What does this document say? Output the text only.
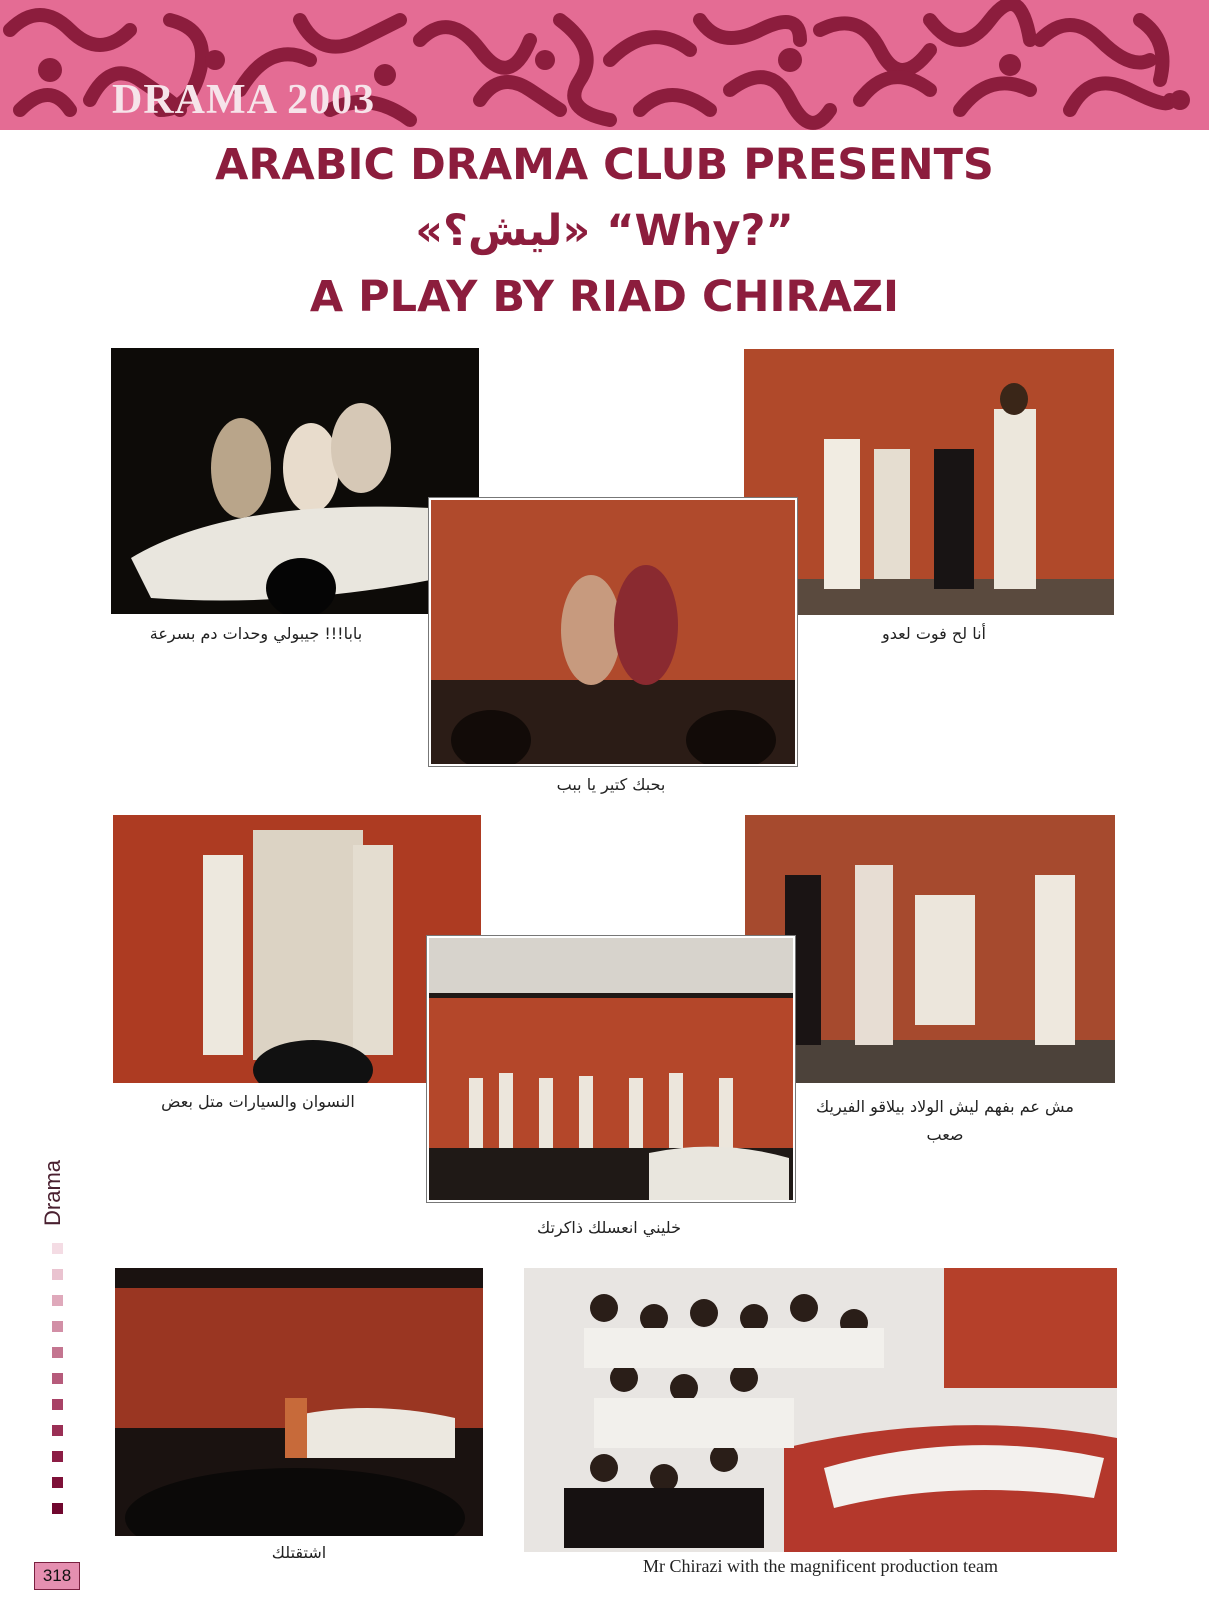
DRAMA 2003
ARABIC DRAMA CLUB PRESENTS
«ليش؟» “Why?”
A PLAY BY RIAD CHIRAZI
بابا!!! جيبولي وحدات دم بسرعة	أنا لح فوت لعدو
بحبك كتير يا ببب
النسوان والسيارات متل بعض	مش عم بفهم ليش الولاد بيلاقو الفيريك صعب
خليني انعسلك ذاكرتك
اشتقتلك
Mr Chirazi with the magnificent production team
Drama
318
